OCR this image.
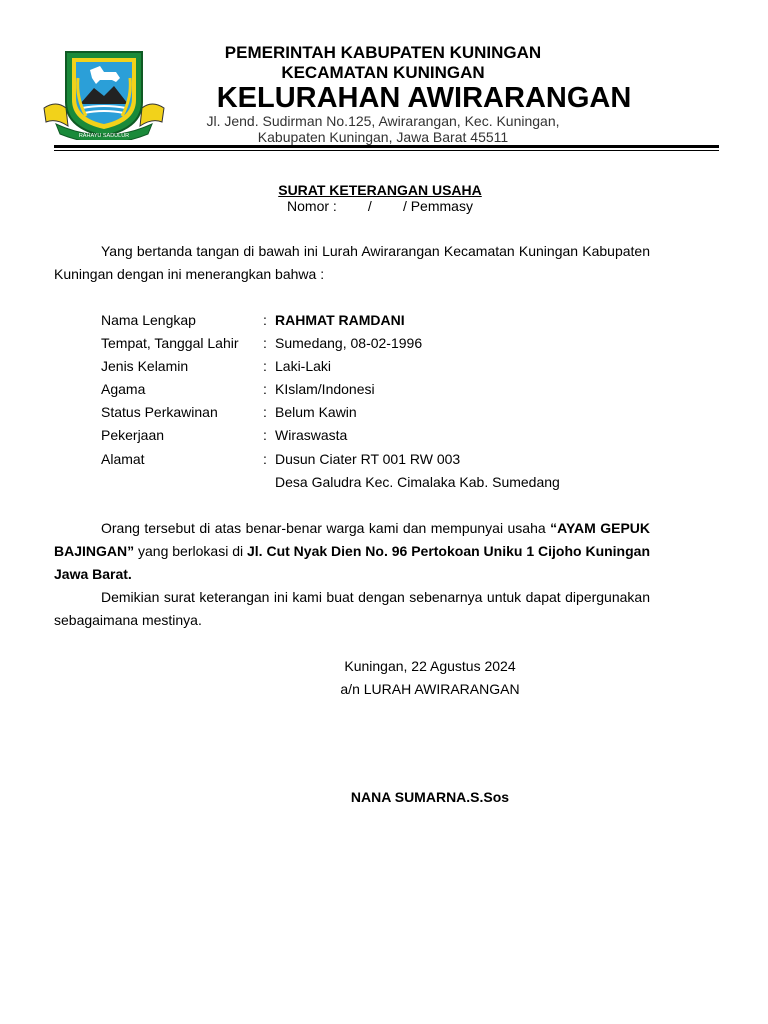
RAHAYU SADULUR
PEMERINTAH KABUPATEN KUNINGAN
KECAMATAN KUNINGAN
KELURAHAN AWIRARANGAN
Jl. Jend. Sudirman No.125, Awirarangan, Kec. Kuningan,
Kabupaten Kuningan, Jawa Barat 45511
SURAT KETERANGAN USAHA
Nomor :        /        / Pemmasy
Yang bertanda tangan di bawah ini Lurah Awirarangan Kecamatan Kuningan Kabupaten Kuningan dengan ini menerangkan bahwa :
Nama Lengkap	: RAHMAT RAMDANI
Tempat, Tanggal Lahir	: Sumedang, 08-02-1996
Jenis Kelamin	: Laki-Laki
Agama	: KIslam/Indonesi
Status Perkawinan	: Belum Kawin
Pekerjaan	: Wiraswasta
Alamat	: Dusun Ciater RT 001 RW 003
Desa Galudra Kec. Cimalaka Kab. Sumedang
Orang tersebut di atas benar-benar warga kami dan mempunyai usaha “AYAM GEPUK BAJINGAN” yang berlokasi di Jl. Cut Nyak Dien No. 96 Pertokoan Uniku 1 Cijoho Kuningan Jawa Barat.
Demikian surat keterangan ini kami buat dengan sebenarnya untuk dapat dipergunakan sebagaimana mestinya.
Kuningan, 22 Agustus 2024
a/n LURAH AWIRARANGAN
NANA SUMARNA.S.Sos
